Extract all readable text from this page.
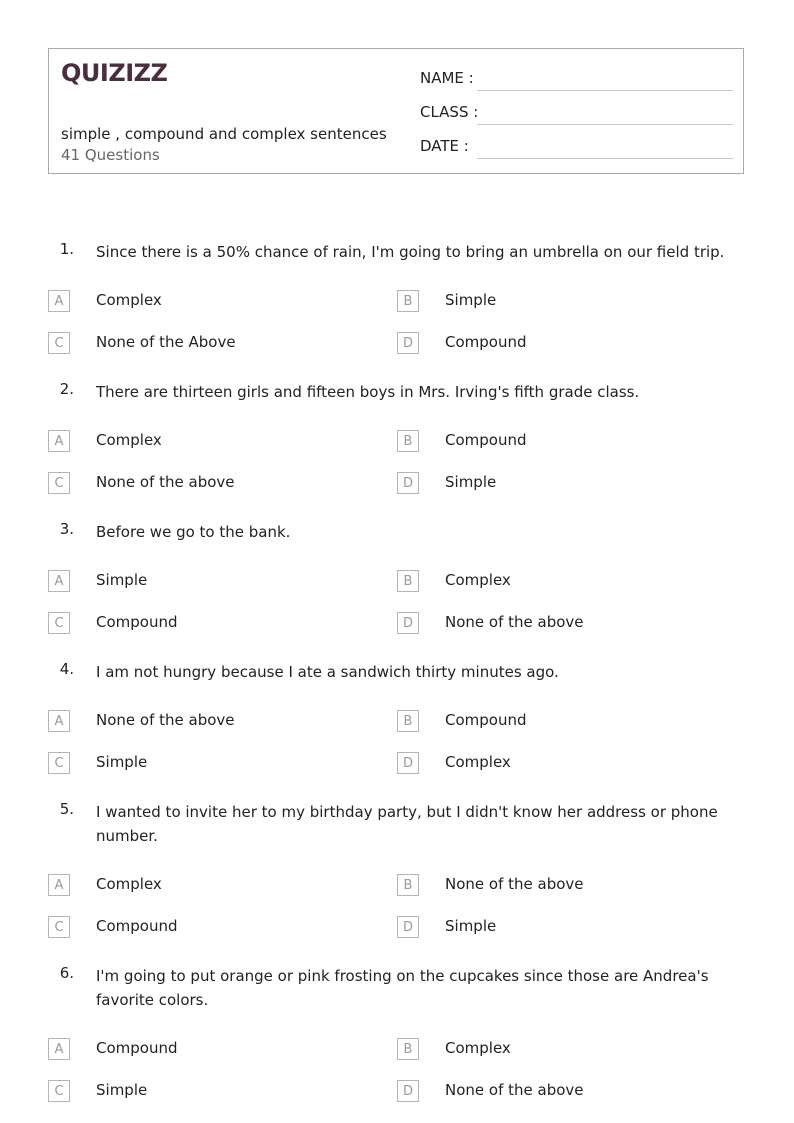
QUIZIZZ
simple , compound and complex sentences
41 Questions
NAME :
CLASS :
DATE :
1. Since there is a 50% chance of rain, I'm going to bring an umbrella on our field trip.
A	Complex	B	Simple
C	None of the Above	D	Compound
2. There are thirteen girls and fifteen boys in Mrs. Irving's fifth grade class.
A	Complex	B	Compound
C	None of the above	D	Simple
3. Before we go to the bank.
A	Simple	B	Complex
C	Compound	D	None of the above
4. I am not hungry because I ate a sandwich thirty minutes ago.
A	None of the above	B	Compound
C	Simple	D	Complex
5. I wanted to invite her to my birthday party, but I didn't know her address or phone number.
A	Complex	B	None of the above
C	Compound	D	Simple
6. I'm going to put orange or pink frosting on the cupcakes since those are Andrea's favorite colors.
A	Compound	B	Complex
C	Simple	D	None of the above
